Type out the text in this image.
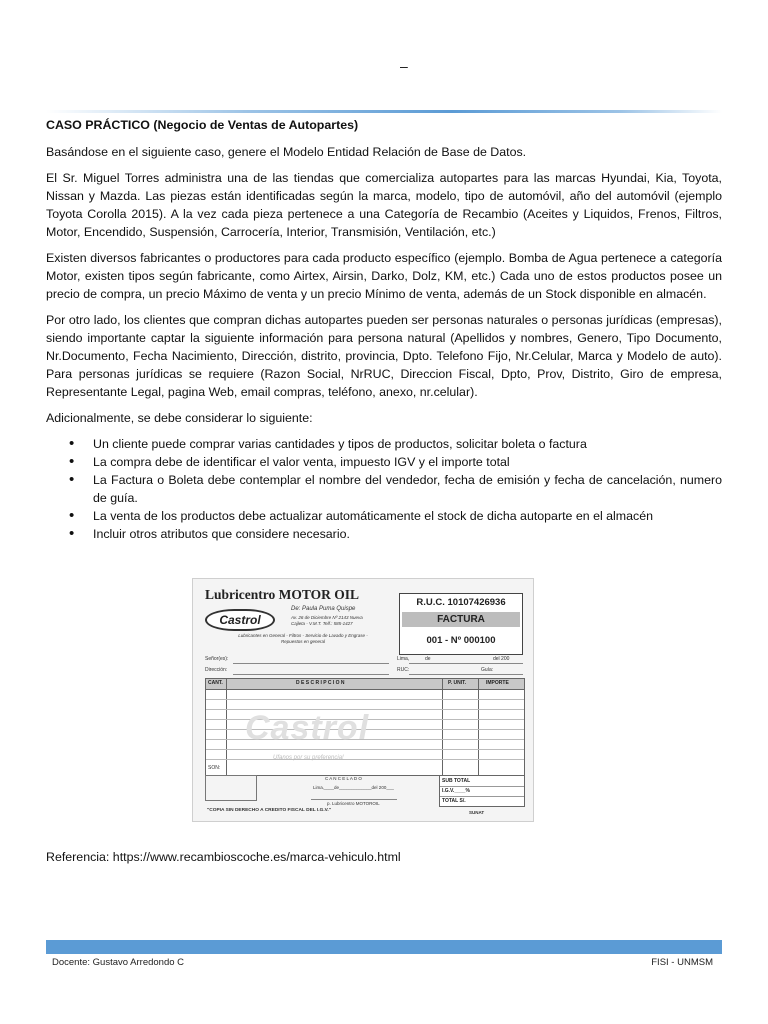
–

CASO PRÁCTICO (Negocio de Ventas de Autopartes)

Basándose en el siguiente caso, genere el Modelo Entidad Relación de Base de Datos.

El Sr. Miguel Torres administra una de las tiendas que comercializa autopartes para las marcas Hyundai, Kia, Toyota, Nissan y Mazda. Las piezas están identificadas según la marca, modelo, tipo de automóvil, año del automóvil (ejemplo Toyota Corolla 2015). A la vez cada pieza pertenece a una Categoría de Recambio (Aceites y Liquidos, Frenos, Filtros, Motor, Encendido, Suspensión, Carrocería, Interior, Transmisión, Ventilación, etc.)

Existen diversos fabricantes o productores para cada producto específico (ejemplo. Bomba de Agua pertenece a categoría Motor, existen tipos según fabricante, como Airtex, Airsin, Darko, Dolz, KM, etc.) Cada uno de estos productos posee un precio de compra, un precio Máximo de venta y un precio Mínimo de venta, además de un Stock disponible en almacén.

Por otro lado, los clientes que compran dichas autopartes pueden ser personas naturales o personas jurídicas (empresas), siendo importante captar la siguiente información para persona natural (Apellidos y nombres, Genero, Tipo Documento, Nr.Documento, Fecha Nacimiento, Dirección, distrito, provincia, Dpto. Telefono Fijo, Nr.Celular, Marca y Modelo de auto). Para personas jurídicas se requiere (Razon Social, NrRUC, Direccion Fiscal, Dpto, Prov, Distrito, Giro de empresa, Representante Legal, pagina Web, email compras, teléfono, anexo, nr.celular).

Adicionalmente, se debe considerar lo siguiente:

• Un cliente puede comprar varias cantidades y tipos de productos, solicitar boleta o factura
• La compra debe de identificar el valor venta, impuesto IGV y el importe total
• La Factura o Boleta debe contemplar el nombre del vendedor, fecha de emisión y fecha de cancelación, numero de guía.
• La venta de los productos debe actualizar automáticamente el stock de dicha autoparte en el almacén
• Incluir otros atributos que considere necesario.
Lubricentro MOTOR OIL
Castrol
De: Paula Puma Quispe
Av. 26 de Diciembre Nº 2143 Nueva Cajleta - V.M.T. Telf.: 585-1427
Lubricantes en General - Filtros - Servicio de Lavado y Engrase - Repuestos en general
R.U.C. 10107426936
FACTURA
001 - Nº 000100
Señor(es):
Dirección:
Lima,	de	del 200
RUC:	Guía:
CANT.	D E S C R I P C I O N	P. UNIT.	IMPORTE
SON:
Castrol
Ufanos por su preferencia!
C A N C E L A D O
Lima,____de_____________del 200___
p. Lubricentro MOTOROIL
"COPIA SIN DERECHO A CREDITO FISCAL DEL I.G.V."
SUB TOTAL
I.G.V.____%
TOTAL S/.
SUNAT

Referencia: https://www.recambioscoche.es/marca-vehiculo.html

Docente: Gustavo Arredondo C	FISI - UNMSM
